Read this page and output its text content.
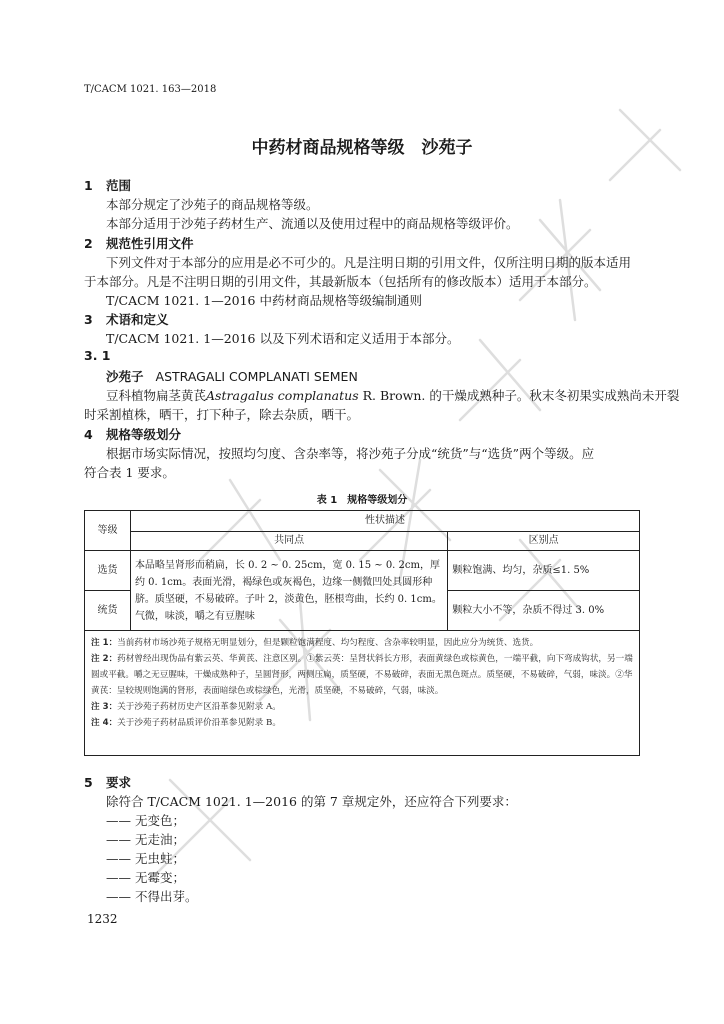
T/CACM 1021. 163—2018
中药材商品规格等级　沙苑子
1 范围
本部分规定了沙苑子的商品规格等级。
本部分适用于沙苑子药材生产、流通以及使用过程中的商品规格等级评价。
2 规范性引用文件
下列文件对于本部分的应用是必不可少的。凡是注明日期的引用文件，仅所注明日期的版本适用
于本部分。凡是不注明日期的引用文件，其最新版本（包括所有的修改版本）适用于本部分。
T/CACM 1021. 1—2016 中药材商品规格等级编制通则
3 术语和定义
T/CACM 1021. 1—2016 以及下列术语和定义适用于本部分。
3. 1
沙苑子 ASTRAGALI COMPLANATI SEMEN
豆科植物扁茎黄芪Astragalus complanatus R. Brown. 的干燥成熟种子。秋末冬初果实成熟尚未开裂
时采割植株，晒干，打下种子，除去杂质，晒干。
4 规格等级划分
根据市场实际情况，按照均匀度、含杂率等，将沙苑子分成“统货”与“选货”两个等级。应
符合表 1 要求。
表 1　规格等级划分
等级	性状描述	
	共同点	区别点
选货	本品略呈肾形而稍扁，长 0. 2 ~ 0. 25cm，宽 0. 15 ~ 0. 2cm，厚约 0. 1cm。表面光滑，褐绿色或灰褐色，边缘一侧微凹处具圆形种脐。质坚硬，不易破碎。子叶 2，淡黄色，胚根弯曲，长约 0. 1cm。气微，味淡，嚼之有豆腥味	颗粒饱满、均匀，杂质≤1. 5%
统货		颗粒大小不等，杂质不得过 3. 0%
注 1：当前药材市场沙苑子规格无明显划分，但是颗粒饱满程度、均匀程度、含杂率较明显，因此应分为统货、选货。
注 2：药材曾经出现伪品有紫云英、华黄芪、注意区别。①紫云英：呈肾状斜长方形，表面黄绿色或棕黄色，一端平截，向下弯成钩状，另一端圆或平截。嚼之无豆腥味，干燥成熟种子，呈圆肾形，两侧压扁，质坚硬，不易破碎，表面无黑色斑点。质坚硬，不易破碎，气弱，味淡。②华黄芪：呈较规则饱满的肾形，表面暗绿色或棕绿色，光滑，质坚硬，不易破碎，气弱，味淡。
注 3：关于沙苑子药材历史产区沿革参见附录 A。
注 4：关于沙苑子药材品质评价沿革参见附录 B。
5 要求
除符合 T/CACM 1021. 1—2016 的第 7 章规定外，还应符合下列要求：
—— 无变色；
—— 无走油；
—— 无虫蛀；
—— 无霉变；
—— 不得出芽。
1232
